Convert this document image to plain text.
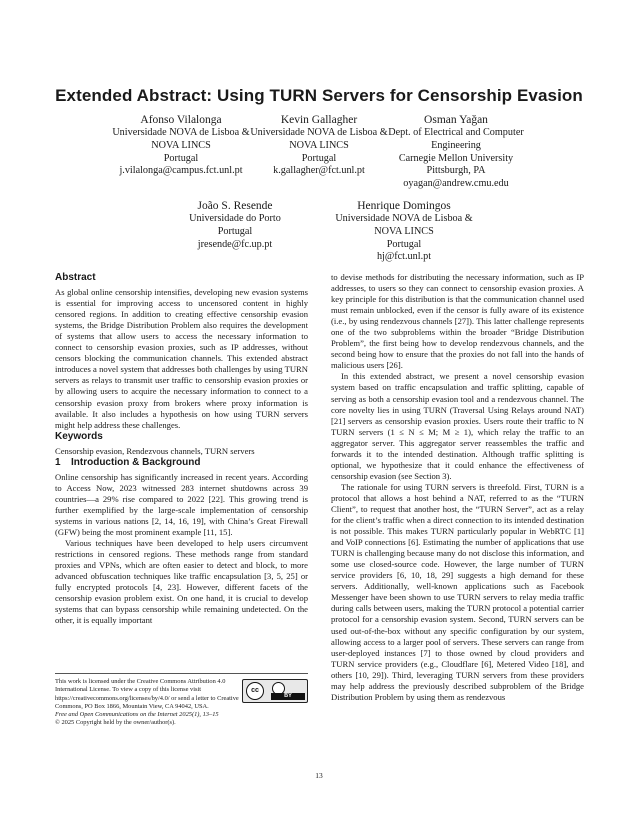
Extended Abstract: Using TURN Servers for Censorship Evasion
Afonso Vilalonga
Universidade NOVA de Lisboa &
NOVA LINCS
Portugal
j.vilalonga@campus.fct.unl.pt
Kevin Gallagher
Universidade NOVA de Lisboa &
NOVA LINCS
Portugal
k.gallagher@fct.unl.pt
Osman Yağan
Dept. of Electrical and Computer
Engineering
Carnegie Mellon University
Pittsburgh, PA
oyagan@andrew.cmu.edu
João S. Resende
Universidade do Porto
Portugal
jresende@fc.up.pt
Henrique Domingos
Universidade NOVA de Lisboa &
NOVA LINCS
Portugal
hj@fct.unl.pt
Abstract

As global online censorship intensifies, developing new evasion systems is essential for improving access to uncensored content in highly censored regions. In addition to creating effective censorship evasion systems, the Bridge Distribution Problem also requires the development of systems that allow users to access the necessary information to connect to censorship evasion proxies, such as IP addresses, without censors blocking the communication channels. This extended abstract introduces a novel system that addresses both challenges by using TURN servers as relays to transmit user traffic to censorship evasion proxies or by allowing users to acquire the necessary information to connect to a censorship evasion proxy from brokers where proxy information is available. It also includes a hypothesis on how using TURN servers might help address these challenges.

Keywords

Censorship evasion, Rendezvous channels, TURN servers

1 Introduction & Background

Online censorship has significantly increased in recent years. According to Access Now, 2023 witnessed 283 internet shutdowns across 39 countries—a 29% rise compared to 2022 [22]. This growing trend is further exemplified by the large-scale implementation of censorship systems in various nations [2, 14, 16, 19], with China’s Great Firewall (GFW) being the most prominent example [11, 15].

Various techniques have been developed to help users circumvent restrictions in censored regions. These methods range from standard proxies and VPNs, which are often easier to detect and block, to more advanced obfuscation techniques like traffic encapsulation [3, 5, 25] or fully encrypted protocols [4, 23]. However, different facets of the censorship evasion problem exist. On one hand, it is crucial to develop systems that can bypass censorship while remaining undetected. On the other, it is equally important

to devise methods for distributing the necessary information, such as IP addresses, to users so they can connect to censorship evasion proxies. A key principle for this distribution is that the communication channel used must remain unblocked, even if the censor is fully aware of its existence (i.e., by using rendezvous channels [27]). This latter challenge represents one of the two subproblems within the broader “Bridge Distribution Problem”, the first being how to develop rendezvous channels, and the second being how to ensure that the proxies do not fall into the hands of malicious users [26].

In this extended abstract, we present a novel censorship evasion system based on traffic encapsulation and traffic splitting, capable of serving as both a censorship evasion tool and a rendezvous channel. The core novelty lies in using TURN (Traversal Using Relays around NAT) [21] servers as censorship evasion proxies. Users route their traffic to N TURN servers (1 ≤ N ≤ M; M ≥ 1), which relay the traffic to an aggregator server. This aggregator server reassembles the traffic and forwards it to the intended destination. Although traffic splitting is optional, we hypothesize that it could enhance the effectiveness of censorship evasion (see Section 3).

The rationale for using TURN servers is threefold. First, TURN is a protocol that allows a host behind a NAT, referred to as the “TURN Client”, to request that another host, the “TURN Server”, act as a relay for the client’s traffic when a direct connection to its intended destination is not possible. This makes TURN particularly popular in WebRTC [1] and VoIP connections [6]. Estimating the number of applications that use TURN is challenging because many do not disclose this information, and some use closed-source code. However, the large number of TURN service providers [6, 10, 18, 29] suggests a high demand for these servers. Additionally, well-known applications such as Facebook Messenger have been shown to use TURN servers to relay media traffic during calls between users, making the TURN protocol a potential carrier protocol for a censorship evasion system. Second, TURN servers can be used out-of-the-box without any specific configuration by our system, allowing access to a larger pool of servers. These servers can range from user-deployed instances [7] to those owned by cloud providers and TURN service providers (e.g., Cloudflare [6], Metered Video [18], and others [10, 29]). Third, leveraging TURN servers from these providers may help address the previously described subproblem of the Bridge Distribution Problem by using them as rendezvous

This work is licensed under the Creative Commons Attribution 4.0 International License. To view a copy of this license visit https://creativecommons.org/licenses/by/4.0/ or send a letter to Creative Commons, PO Box 1866, Mountain View, CA 94042, USA.
Free and Open Communications on the Internet 2025(1), 13–15
© 2025 Copyright held by the owner/author(s).
cc
BY
13
